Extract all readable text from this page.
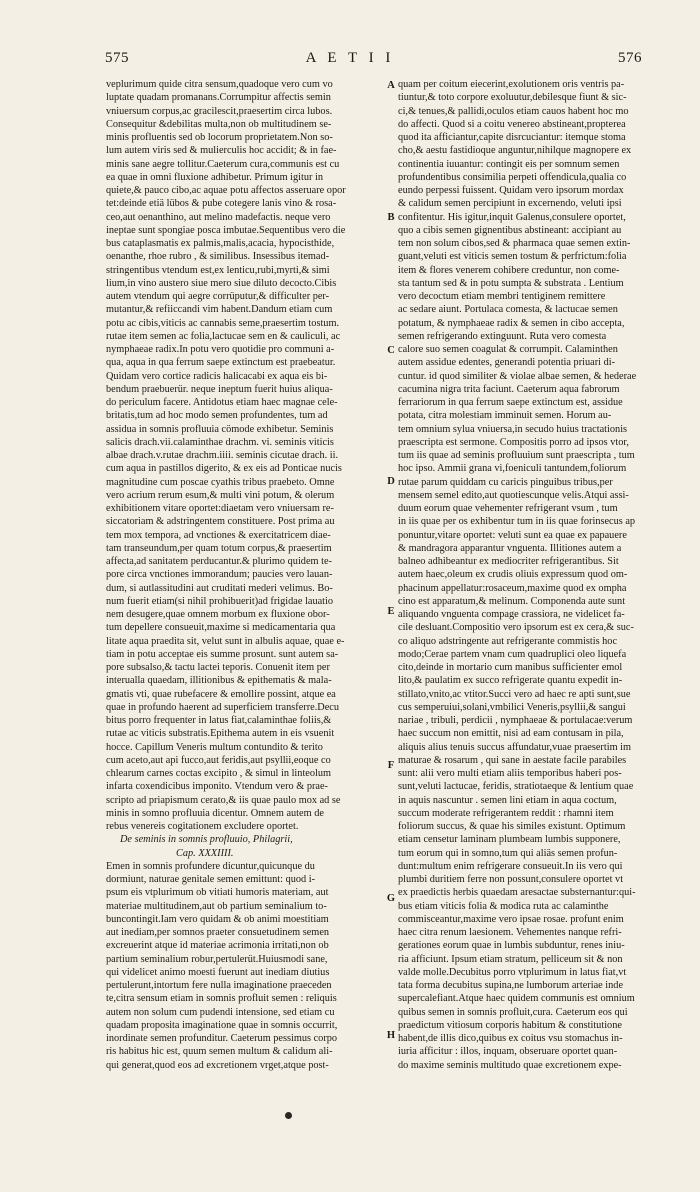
575	A E T I I	576
veplurimum quide citra sensum,quadoque vero cum vo
luptate quadam promanans.Corrumpitur affectis semin
vniuersum corpus,ac gracilescit,praesertim circa lubos.
Consequitur &debilitas multa,non ob multitudinem se-
minis profluentis sed ob locorum proprietatem.Non so-
lum autem viris sed & mulierculis hoc accidit; & in fae-
minis sane aegre tollitur.Caeterum cura,communis est cu
ea quae in omni fluxione adhibetur. Primum igitur in
quiete,& pauco cibo,ac aquae potu affectos asseruare opor
tet:deinde etiä lübos & pube cotegere lanis vino & rosa-
ceo,aut oenanthino, aut melino madefactis. neque vero
ineptae sunt spongiae posca imbutae.Sequentibus vero die
bus cataplasmatis ex palmis,malis,acacia, hypocisthide,
oenanthe, rhoe rubro , & similibus. Insessibus itemad-
stringentibus vtendum est,ex lenticu,rubi,myrti,& simi
lium,in vino austero siue mero siue diluto decocto.Cibis
autem vtendum qui aegre corrüputur,& difficulter per-
mutantur,& refiiccandi vim habent.Dandum etiam cum
potu ac cibis,viticis ac cannabis seme,praesertim tostum.
rutae item semen ac folia,lactucae sem en & cauliculi, ac
nymphaeae radix.In potu vero quotidie pro communi a-
qua, aqua in qua ferrum saepe extinctum est praebeatur.
Quidam vero cortice radicis halicacabi ex aqua eis bi-
bendum praebuerür. neque ineptum fuerit huius aliqua-
do periculum facere. Antidotus etiam haec magnae cele-
britatis,tum ad hoc modo semen profundentes, tum ad
assidua in somnis profluuia cömode exhibetur. Seminis
salicis drach.vii.calaminthae drachm. vi. seminis viticis
albae drach.v.rutae drachm.iiii. seminis cicutae drach. ii.
cum aqua in pastillos digerito, & ex eis ad Ponticae nucis
magnitudine cum poscae cyathis tribus praebeto. Omne
vero acrium rerum esum,& multi vini potum, & olerum
exhibitionem vitare oportet:diaetam vero vniuersam re-
siccatoriam & adstringentem constituere. Post prima au
tem mox tempora, ad vnctiones & exercitatricem diae-
tam transeundum,per quam totum corpus,& praesertim
affecta,ad sanitatem perducantur.& plurimo quidem te-
pore circa vnctiones immorandum; paucies vero lauan-
dum, si autlassitudini aut cruditati mederi velimus. Bo-
num fuerit etiam(si nihil prohibuerit)ad frigidae lauatio
nem desugere,quae omnem morbum ex fluxione obor-
tum depellere consueuit,maxime si medicamentaria qua
litate aqua praedita sit, velut sunt in albulis aquae, quae e-
tiam in potu acceptae eis summe prosunt. sunt autem sa-
pore subsalso,& tactu lactei teporis. Conuenit item per
interualla quaedam, illitionibus & epithematis & mala-
gmatis vti, quae rubefacere & emollire possint, atque ea
quae in profundo haerent ad superficiem transferre.Decu
bitus porro frequenter in latus fiat,calaminthae foliis,&
rutae ac viticis substratis.Epithema autem in eis vsuenit
hocce. Capillum Veneris multum contundito & terito
cum aceto,aut api fucco,aut feridis,aut psyllii,eoque co
chlearum carnes coctas excipito , & simul in linteolum
infarta coxendicibus imponito. Vtendum vero & prae-
scripto ad priapismum cerato,& iis quae paulo mox ad se
minis in somno profluuia dicentur. Omnem autem de
rebus venereis cogitationem excludere oportet.
De seminis in somnis profluuio, Philagrii,
Cap. XXXIIII.
Emen in somnis profundere dicuntur,quicunque du
dormiunt, naturae genitale semen emittunt: quod i-
psum eis vtplurimum ob vitiati humoris materiam, aut
materiae multitudinem,aut ob partium seminalium to-
buncontingit.Iam vero quidam & ob animi moestitiam
aut inediam,per somnos praeter consuetudinem semen
excreuerint atque id materiae acrimonia irritati,non ob
partium seminalium robur,pertulerüt.Huiusmodi sane,
qui videlicet animo moesti fuerunt aut inediam diutius
pertulerunt,intortum fere nulla imaginatione praeceden
te,citra sensum etiam in somnis profluit semen : reliquis
autem non solum cum pudendi intensione, sed etiam cu
quadam proposita imaginatione quae in somnis occurrit,
inordinate semen profunditur. Caeterum pessimus corpo
ris habitus hic est, quum semen multum & calidum ali-
qui generat,quod eos ad excretionem vrget,atque post-
quam per coitum eiecerint,exolutionem oris ventris pa-
tiuntur,& toto corpore exoluutur,debilesque fiunt & sic-
ci,& tenues,& pallidi,oculos etiam cauos habent hoc mo
do affecti. Quod si a coitu venereo abstineant,propterea
quod ita afficiantur,capite disrcuciantur: itemque stoma
cho,& aestu fastidioque anguntur,nihilque magnopere ex
continentia iuuantur: contingit eis per somnum semen
profundentibus consimilia perpeti offendicula,qualia co
eundo perpessi fuissent. Quidam vero ipsorum mordax
& calidum semen percipiunt in excernendo, veluti ipsi
confitentur. His igitur,inquit Galenus,consulere oportet,
quo a cibis semen gignentibus abstineant: accipiant au
tem non solum cibos,sed & pharmaca quae semen extin-
guant,veluti est viticis semen tostum & perfrictum:folia
item & flores venerem cohibere creduntur, non come-
sta tantum sed & in potu sumpta & substrata . Lentium
vero decoctum etiam membri tentiginem remittere
ac sedare aiunt. Portulaca comesta, & lactucae semen
potatum, & nymphaeae radix & semen in cibo accepta,
semen refrigerando extinguunt. Ruta vero comesta
calore suo semen coagulat & corrumpit. Calaminthen
autem assidue edentes, generandi potentia priuari di-
cuntur. id quod similiter & violae albae semen, & hederae
cacumina nigra trita faciunt. Caeterum aqua fabrorum
ferrariorum in qua ferrum saepe extinctum est, assidue
potata, citra molestiam imminuit semen. Horum au-
tem omnium sylua vniuersa,in secudo huius tractationis
praescripta est sermone. Compositis porro ad ipsos vtor,
tum iis quae ad seminis profluuium sunt praescripta , tum
hoc ipso. Ammii grana vi,foeniculi tantundem,foliorum
rutae parum quiddam cu caricis pinguibus tribus,per
mensem semel edito,aut quotiescunque velis.Atqui assi-
duum eorum quae vehementer refrigerant vsum , tum
in iis quae per os exhibentur tum in iis quae forinsecus ap
ponuntur,vitare oportet: veluti sunt ea quae ex papauere
& mandragora apparantur vnguenta. Illitiones autem a
balneo adhibeantur ex mediocriter refrigerantibus. Sit
autem haec,oleum ex crudis oliuis expressum quod om-
phacinum appellatur:rosaceum,maxime quod ex ompha
cino est apparatum,& melinum. Componenda aute sunt
aliquando vnguenta compage crassiora, ne videlicet fa-
cile desluant.Compositio vero ipsorum est ex cera,& suc-
co aliquo adstringente aut refrigerante commistis hoc
modo;Cerae partem vnam cum quadruplici oleo liquefa
cito,deinde in mortario cum manibus sufficienter emol
lito,& paulatim ex succo refrigerate quantu expedit in-
stillato,vnito,ac vtitor.Succi vero ad haec re apti sunt,sue
cus semperuiui,solani,vmbilici Veneris,psyllii,& sangui
nariae , tribuli, perdicii , nymphaeae & portulacae:verum
haec succum non emittit, nisi ad eam contusam in pila,
aliquis alius tenuis succus affundatur,vuae praesertim im
maturae & rosarum , qui sane in aestate facile parabiles
sunt: alii vero multi etiam aliis temporibus haberi pos-
sunt,veluti lactucae, feridis, stratiotaeque & lentium quae
in aquis nascuntur . semen lini etiam in aqua coctum,
succum moderate refrigerantem reddit : rhamni item
foliorum succus, & quae his similes existunt. Optimum
etiam censetur laminam plumbeam lumbis supponere,
tum eorum qui in somno,tum qui aliäs semen profun-
dunt:multum enim refrigerare consueuit.In iis vero qui
plumbi duritiem ferre non possunt,consulere oportet vt
ex praedictis herbis quaedam aresactae substernantur:qui-
bus etiam viticis folia & modica ruta ac calaminthe
commisceantur,maxime vero ipsae rosae. profunt enim
haec citra renum laesionem. Vehementes nanque refri-
gerationes eorum quae in lumbis subduntur, renes iniu-
ria afficiunt. Ipsum etiam stratum, pelliceum sit & non
valde molle.Decubitus porro vtplurimum in latus fiat,vt
tata forma decubitus supina,ne lumborum arteriae inde
supercalefiant.Atque haec quidem communis est omnium
quibus semen in somnis profluit,cura. Caeterum eos qui
praedictum vitiosum corporis habitum & constitutione
habent,de illis dico,quibus ex coitus vsu stomachus in-
iuria afficitur : illos, inquam, obseruare oportet quan-
do maxime seminis multitudo quae excretionem expe-
A
B
C
D
E
F
G
H
